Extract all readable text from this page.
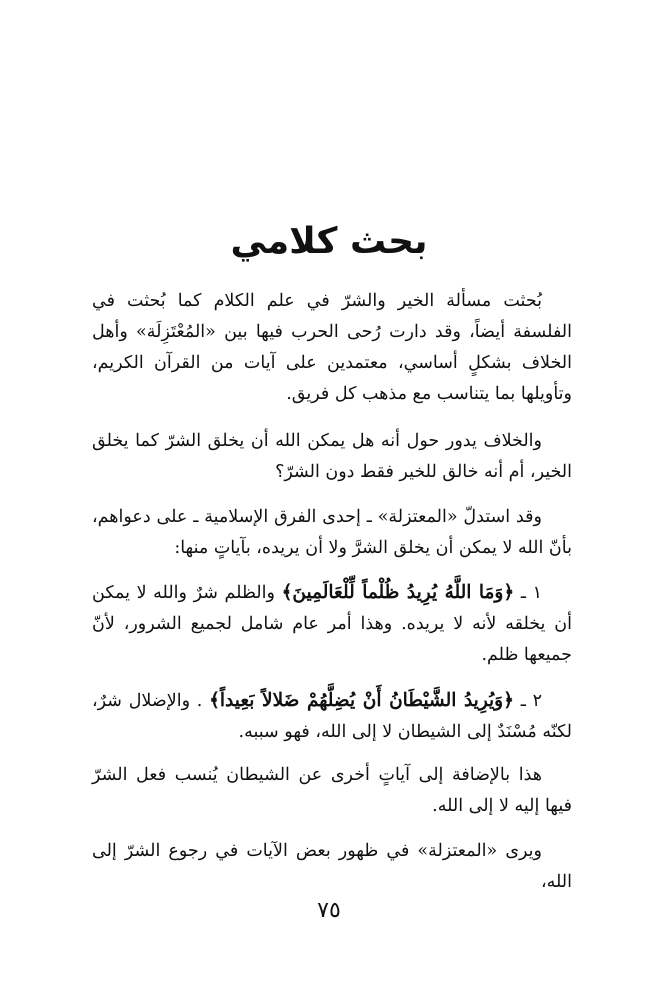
بحث كلامي

بُحثت مسألة الخير والشرّ في علم الكلام كما بُحثت في الفلسفة أيضاً، وقد دارت رُحى الحرب فيها بين «المُعْتَزِلَة» وأهل الخلاف بشكلٍ أساسي، معتمدين على آيات من القرآن الكريم، وتأويلها بما يتناسب مع مذهب كل فريق.

والخلاف يدور حول أنه هل يمكن الله أن يخلق الشرّ كما يخلق الخير، أم أنه خالق للخير فقط دون الشرّ؟

وقد استدلّ «المعتزلة» ـ إحدى الفرق الإسلامية ـ على دعواهم، بأنّ الله لا يمكن أن يخلق الشرَّ ولا أن يريده، بآياتٍ منها:

١ ـ ﴿وَمَا اللَّهُ يُرِيدُ ظُلْماً لِّلْعَالَمِينَ﴾ والظلم شرٌ والله لا يمكن أن يخلقه لأنه لا يريده. وهذا أمر عام شامل لجميع الشرور، لأنّ جميعها ظلم.

٢ ـ ﴿وَيُرِيدُ الشَّيْطَانُ أَنْ يُضِلَّهُمْ ضَلالاً بَعِيداً﴾ . والإضلال شرٌ، لكنّه مُسْنَدٌ إلى الشيطان لا إلى الله، فهو سببه.

هذا بالإضافة إلى آياتٍ أخرى عن الشيطان يُنسب فعل الشرّ فيها إليه لا إلى الله.

ويرى «المعتزلة» في ظهور بعض الآيات في رجوع الشرّ إلى الله،

٧٥
